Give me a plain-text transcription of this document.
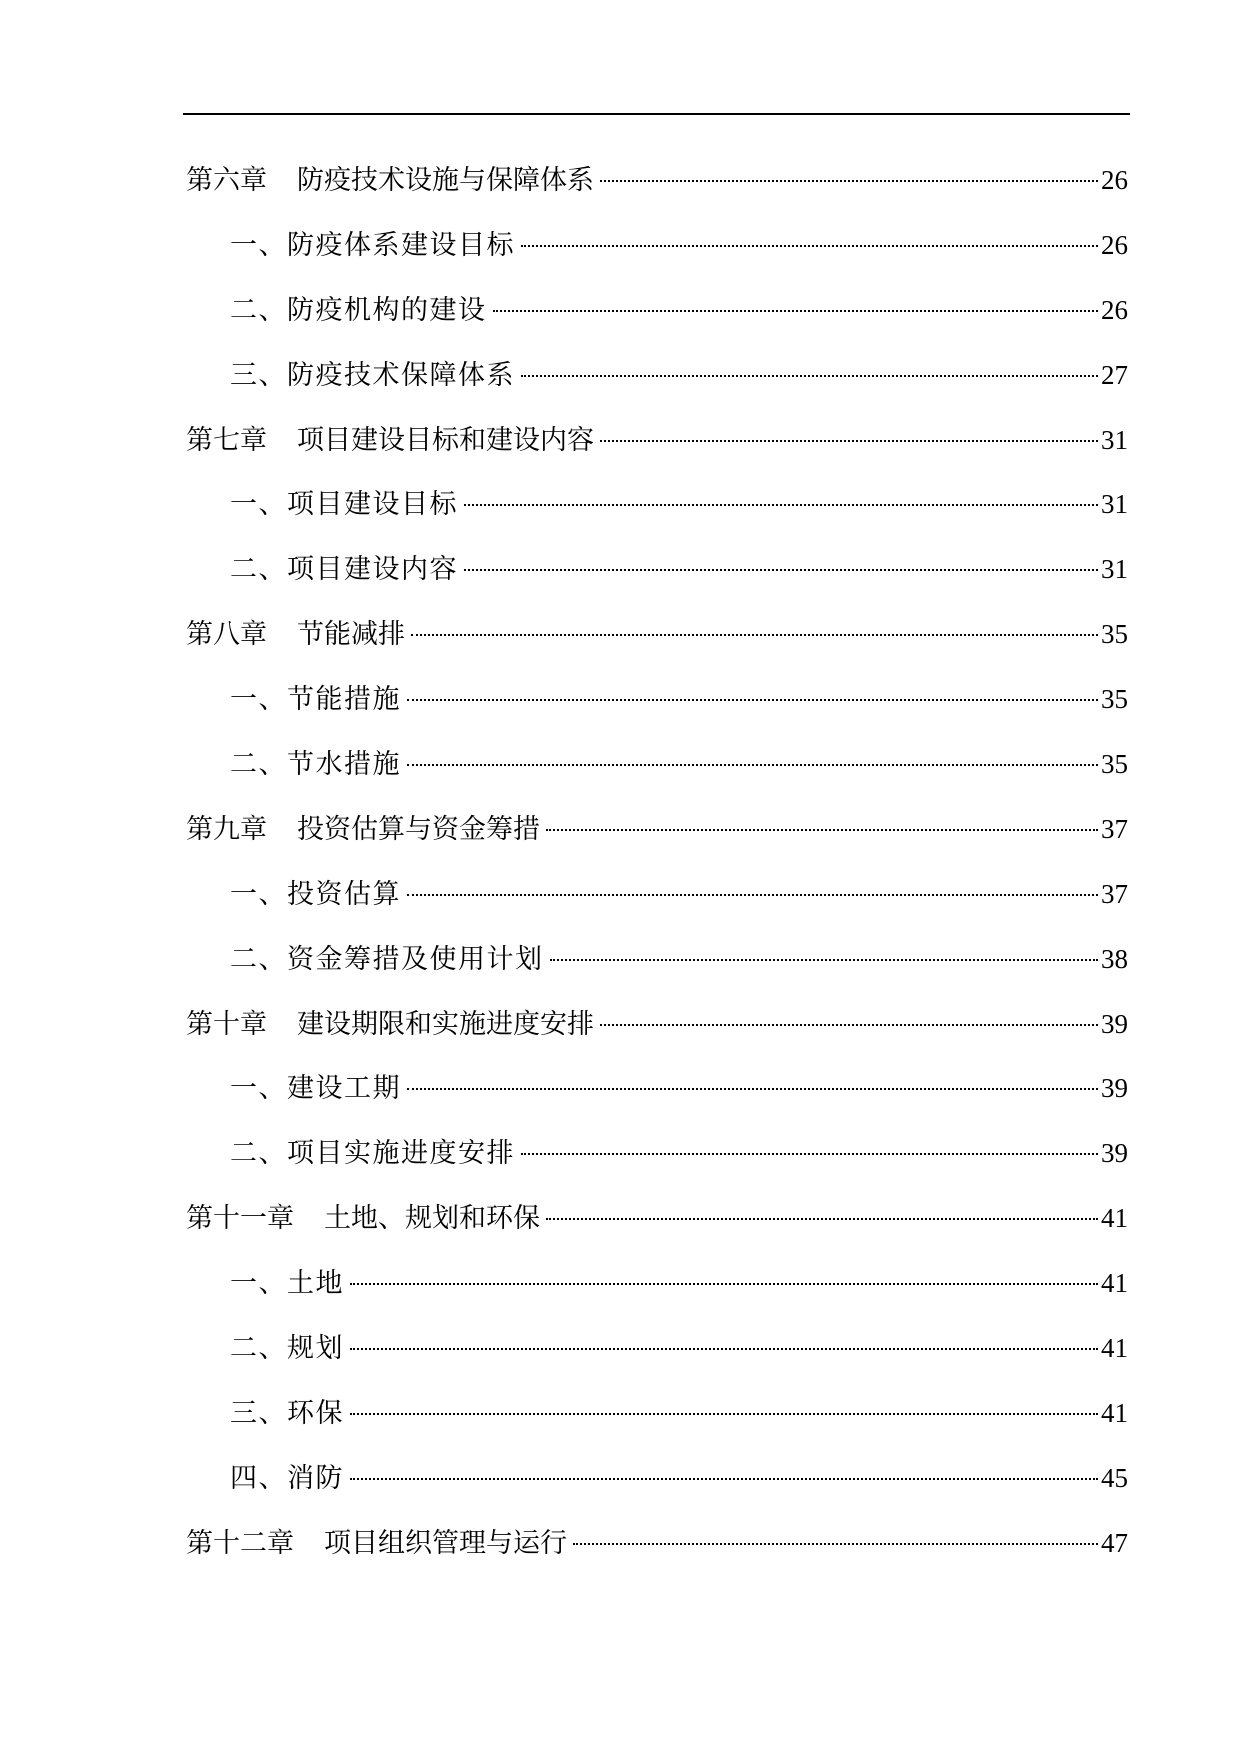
第六章 防疫技术设施与保障体系	26
一、防疫体系建设目标	26
二、防疫机构的建设	26
三、防疫技术保障体系	27
第七章 项目建设目标和建设内容	31
一、项目建设目标	31
二、项目建设内容	31
第八章 节能减排	35
一、节能措施	35
二、节水措施	35
第九章 投资估算与资金筹措	37
一、投资估算	37
二、资金筹措及使用计划	38
第十章 建设期限和实施进度安排	39
一、建设工期	39
二、项目实施进度安排	39
第十一章 土地、规划和环保	41
一、土地	41
二、规划	41
三、环保	41
四、消防	45
第十二章 项目组织管理与运行	47
